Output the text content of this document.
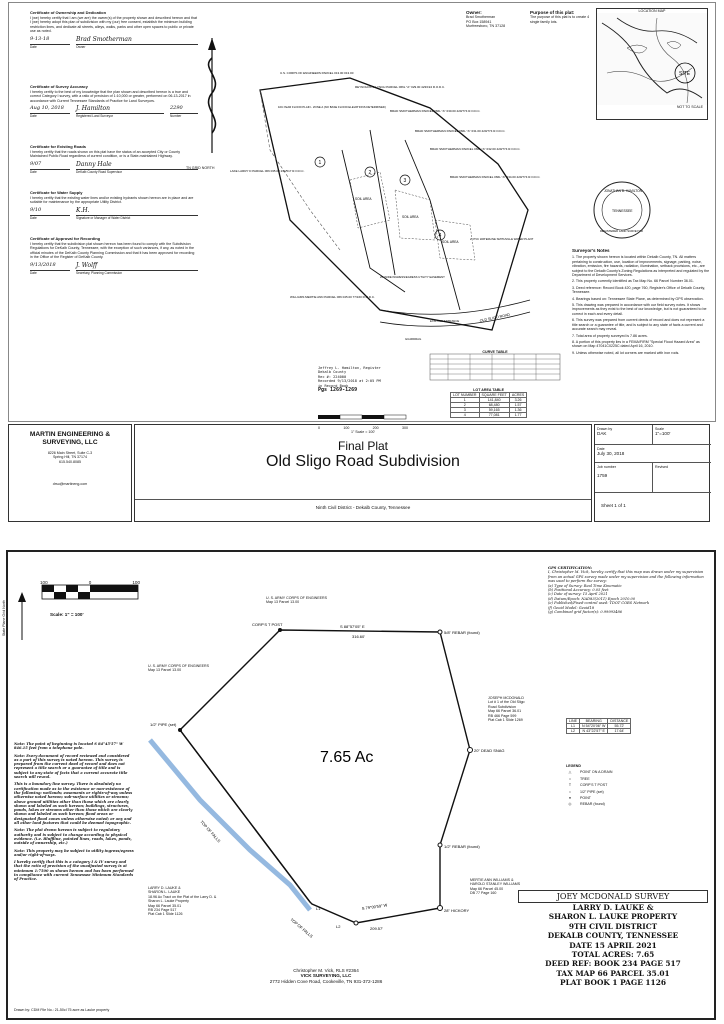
Certificate of Ownership and Dedication
I (we) hereby certify that I am (we are) the owner(s) of the property shown and described hereon and that I (we) hereby adopt this plan of subdivision with my (our) free consent, establish the minimum building restriction lines, and dedicate all streets, alleys, walks, parks and other open spaces to public or private use as noted.
9-13-18	Brad Smotherman
Date	Owner
Certificate of Survey Accuracy
I hereby certify to the best of my knowledge that the plan shown and described hereon is a true and correct Category I survey, with a ratio of precision of 1:10,000 or greater, performed on 06-13-2017 in accordance with Current Tennessee Standards of Practice for Land Surveyors.
Aug 10, 2018	J. Hamilton	2290
Date	Registered Land Surveyor	Number
Certificate for Existing Roads
I hereby certify that the roads shown on this plat have the status of an accepted City or County Maintained Public Road regardless of current condition, or is a State-maintained Highway.
9/07	Danny Hale
Date	DeKalb County Road Supervisor
Certificate for Water Supply
I hereby certify that the existing water lines and/or existing hydrants shown hereon are in place and are suitable for maintenance by the appropriate Utility District.
9/10	K.H.
Date	Signature or Manager of Water District
Certificate of Approval for Recording
I hereby certify that the subdivision plat shown hereon has been found to comply with the Subdivision Regulations for DeKalb County, Tennessee, with the exception of such variances, if any, as noted in the official minutes of the DeKalb County Planning Commission and that it has been approved for recording in the Office of the Register of DeKalb County.
9/13/2018	J. Wolff
Date	Secretary, Planning Commission
TN GRID NORTH
1
2
3
4
SOIL AREA
SOIL AREA
SOIL AREA
OLD SLIGO ROAD
U.S. CORPS OF ENGINEERS PARCEL 013.00 013.00
REYNOLDS J. LYNCH PARCEL 066L "A" 029.00 423/194 R.O.D.C.
BRAD SMOTHERMAN PARCEL 066L "A" 030.00 420/774 R.O.D.C.
BRAD SMOTHERMAN PARCEL 066L "A" 031.00 420/774 R.O.D.C.
BRAD SMOTHERMAN PARCEL 066L "A" 032.00 420/774 R.O.D.C.
BRAD SMOTHERMAN PARCEL 066L "A" 034.00 420/774 R.O.D.C.
LAKE LARRY D PARCEL 066 035.00 234/517 R.O.D.C.
WILLIAMS MERTIE ANN PARCEL 066 045.00 77/160 R.O.D.C.
100-YEAR FLOOD PLAIN - ZONE A (NO BASE FLOOD ELEVATIONS DETERMINED)
2" PVC WATERLINE SMITHVILLE WATER PLANT
25' WIDE INGRESS/EGRESS UTILITY EASEMENT
EXISTING ENTRANCE
GUARDRAIL
Owner:
Brad Smotherman
PO Box 158941
Murfreesboro, TN 37128
Purpose of this plat:
The purpose of this plat is to create 4 single family lots.
LOCATION MAP
SITE
NOT TO SCALE
JONATHAN B. HAMILTON
TENNESSEE
REGISTERED LAND SURVEYOR
Surveyor's Notes
1. The property shown hereon is located within Dekalb County, TN. All matters pertaining to construction, use, location of improvements, signage, parking, noise, vibration, emission, fire hazards, radiation, illumination, setback provisions, etc., are subject to the Dekalb County's Zoning Regulations as interpreted and regulated by the Department of Development Services.
2. This property currently identified as Tax Map No. 66 Parcel Number 36.01.
3. Deed reference: Record Book 420, page 760, Register's Office of Dekalb County, Tennessee.
4. Bearings based on: Tennessee State Plane, as determined by GPS observation.
5. This drawing was prepared in accordance with our field survey notes. It shows improvements as they exist to the best of our knowledge, but is not guaranteed to be correct in each and every detail.
6. This survey was prepared from current deeds of record and does not represent a title search or a guarantee of title, and is subject to any state of facts a current and accurate search may reveal.
7. Total area of property surveyed is 7.86 acres.
8. A portion of this property lies in a FEMA/FIRM "Special Flood Hazard Area" as shown on Map 47041C0225C dated April 16, 2010.
9. Unless otherwise noted, all lot corners are marked with iron rods.
CURVE TABLE
Jeffrey L. Hamilton, Register
Dekalb County
Rec #: 224000
Recorded 9/13/2018 at 2:05 PM
in Record Book
Pgs 1269-1269	LOT AREA TABLE
LOT NUMBER	SQUARE FEET	ACRES
1	141,840	3.26
2	68,480	1.57
3	59,165	1.36
4	77,081	1.77
0	100	200	300
1" Scale = 100'
MARTIN ENGINEERING & SURVEYING, LLC
8226 Main Street, Suite C-3
Spring Hill, TN 37174
615.540.8085
drsu@martineng.com
Final Plat
Old Sligo Road Subdivision
Ninth Civil District - Dekalb County, Tennessee
Drawn by
DAK
Scale
1"=100'
Date
July 30, 2018
Job number
1759
Revised
Sheet 1 of 1
100	0	100
Scale: 1" = 100'
State Plane Grid North
7.65 Ac
CORP'S T POST	S 88°57'05" E
316.60'
5/8" REBAR (found)
20" DEAD SNAG
1/2" REBAR (found)
28" HICKORY
S 79°00'59" W
209.57'
TOP OF FALLS
TOP OF FALLS
1/2" PIPE (set)
L1
L2
U. S. ARMY CORPS OF ENGINEERS
Map 13 Parcel 13.00
U. S. ARMY CORPS OF ENGINEERS
Map 13 Parcel 13.00
JOSEPH MCDONALD
Lot # 1 of the Old Sligo
Road Subdivision
Map 66 Parcel 36.01
RB 466 Page 599
Plat Cab 1 Slide 1269
MERTIE ANN WILLIAMS &
HAROLD STANLEY WILLIAMS
Map 66 Parcel 45.00
DB 77 Page 160
LARRY D. LAUKE &
SHARON L. LAUKE
18.96 Ac Tract on the Plat of the Larry D. &
Sharon L. Lauke Property
Map 66 Parcel 35.01
RB 234 Page 517
Plat Cab 1 Slide 1126
LINE	BEARING	DISTANCE
L1	N 54°20'06" W	55.72'
L2	N 43°22'57" E	17.64'
GPS CERTIFICATION:
I, Christopher M. Vick, hereby certify that this map was drawn under my supervision from an actual GPS survey made under my supervision and the following information was used to perform the survey:
(a) Type of Survey: Real Time Kinematic
(b) Positional Accuracy: 0.05 feet
(c) Date of survey: 15 April 2021
(d) Datum/Epoch: NAD83(2011) Epoch 2010.00
(e) Published/Fixed-control used: TDOT CORS Network
(f) Geoid Model: Geoid18
(g) Combined grid factor(s): 0.99993486
LEGEND
△	POINT ON A DRAIN
•	TREE
T	CORP'S T POST
○	1/2" PIPE (set)
●	POINT
◎	REBAR (found)
Note: The point of beginning is located S 84°45'57" W 846.15 feet from a telephone pole.
Note: Every document of record reviewed and considered as a part of this survey is noted hereon. This survey is prepared from the current deed of record and does not represent a title search or a guarantee of title and is subject to any state of facts that a current accurate title search will reveal.
This is a boundary line survey. There is absolutely no certification made as to the existence or non-existence of the following: wetlands; easements or rights-of-way unless otherwise noted hereon; sub-surface utilities or streams; above ground utilities other than those which are clearly shown and labeled as such hereon; buildings, structures, ponds, lakes or streams other than those which are clearly shown and labeled as such hereon; flood areas or designated flood zones unless otherwise noted; or any and all other land features that could be deemed topographic.
Note: The plat drawn hereon is subject to regulatory authority and is subject to change according to physical evidence. (i.e. Bluffline, painted lines, roads, lakes, ponds, outside of ownership, etc.)
Note: This property may be subject to utility ingress/egress and/or right-of-ways.
I hereby certify that this is a category I & IV survey and that the ratio of precision of the unadjusted survey is at minimum 1:7500 as shown hereon and has been performed in compliance with current Tennessee Minimum Standards of Practice.
Drawn by: CDM File No.: 21-50cl 75 acre as Lauke property
JOEY MCDONALD SURVEY
LARRY D. LAUKE &
SHARON L. LAUKE PROPERTY
9TH CIVIL DISTRICT
DEKALB COUNTY, TENNESSEE
DATE 15 APRIL 2021
TOTAL ACRES: 7.65
DEED REF: BOOK 234 PAGE 517
TAX MAP 66 PARCEL 35.01
PLAT BOOK 1 PAGE 1126
Christopher M. Vick, RLS #2364
VICK SURVEYING, LLC
2772 Hidden Cove Road, Cookeville, TN 931-372-1286
